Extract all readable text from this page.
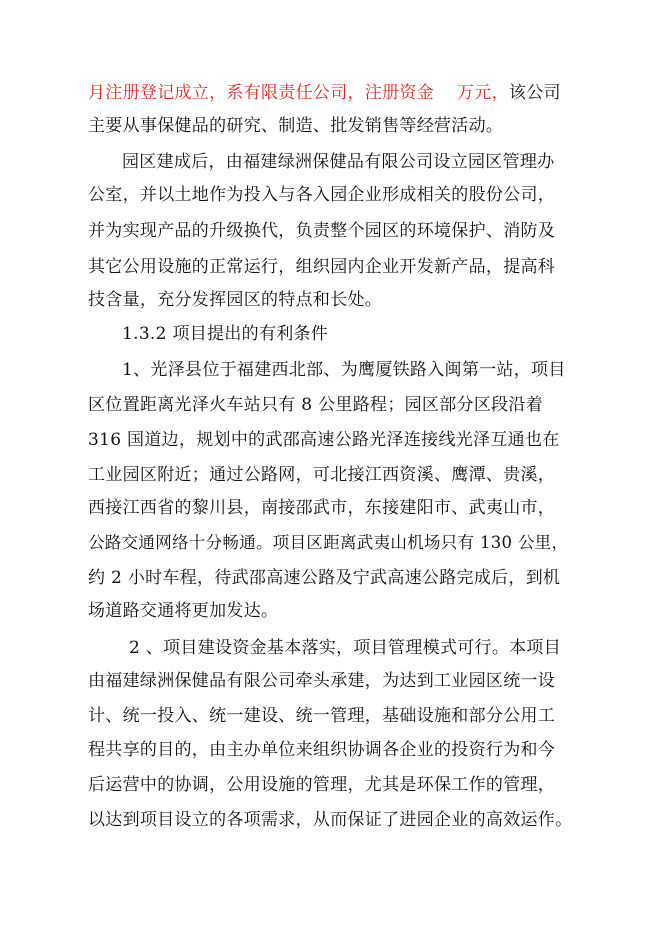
月注册登记成立，系有限责任公司，注册资金　 万元，该公司
主要从事保健品的研究、制造、批发销售等经营活动。
园区建成后，由福建绿洲保健品有限公司设立园区管理办
公室，并以土地作为投入与各入园企业形成相关的股份公司，
并为实现产品的升级换代，负责整个园区的环境保护、消防及
其它公用设施的正常运行，组织园内企业开发新产品，提高科
技含量，充分发挥园区的特点和长处。
1.3.2 项目提出的有利条件
1、光泽县位于福建西北部、为鹰厦铁路入闽第一站，项目
区位置距离光泽火车站只有 8 公里路程；园区部分区段沿着
316 国道边，规划中的武邵高速公路光泽连接线光泽互通也在
工业园区附近；通过公路网，可北接江西资溪、鹰潭、贵溪，
西接江西省的黎川县，南接邵武市，东接建阳市、武夷山市，
公路交通网络十分畅通。项目区距离武夷山机场只有 130 公里，
约 2 小时车程，待武邵高速公路及宁武高速公路完成后，到机
场道路交通将更加发达。
2 、项目建设资金基本落实，项目管理模式可行。本项目
由福建绿洲保健品有限公司牵头承建，为达到工业园区统一设
计、统一投入、统一建设、统一管理，基础设施和部分公用工
程共享的目的，由主办单位来组织协调各企业的投资行为和今
后运营中的协调，公用设施的管理，尤其是环保工作的管理，
以达到项目设立的各项需求，从而保证了进园企业的高效运作。
